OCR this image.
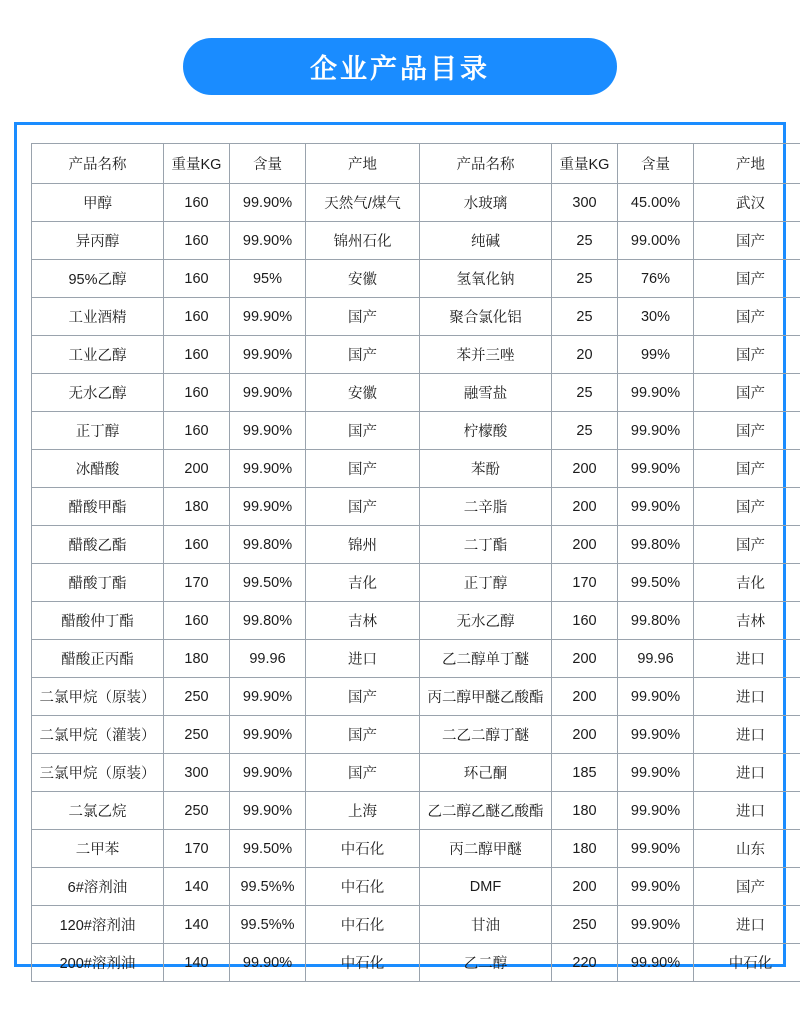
企业产品目录
产品名称	重量KG	含量	产地	产品名称	重量KG	含量	产地
甲醇	160	99.90%	天然气/煤气	水玻璃	300	45.00%	武汉
异丙醇	160	99.90%	锦州石化	纯碱	25	99.00%	国产
95%乙醇	160	95%	安徽	氢氧化钠	25	76%	国产
工业酒精	160	99.90%	国产	聚合氯化铝	25	30%	国产
工业乙醇	160	99.90%	国产	苯并三唑	20	99%	国产
无水乙醇	160	99.90%	安徽	融雪盐	25	99.90%	国产
正丁醇	160	99.90%	国产	柠檬酸	25	99.90%	国产
冰醋酸	200	99.90%	国产	苯酚	200	99.90%	国产
醋酸甲酯	180	99.90%	国产	二辛脂	200	99.90%	国产
醋酸乙酯	160	99.80%	锦州	二丁酯	200	99.80%	国产
醋酸丁酯	170	99.50%	吉化	正丁醇	170	99.50%	吉化
醋酸仲丁酯	160	99.80%	吉林	无水乙醇	160	99.80%	吉林
醋酸正丙酯	180	99.96	进口	乙二醇单丁醚	200	99.96	进口
二氯甲烷（原装）	250	99.90%	国产	丙二醇甲醚乙酸酯	200	99.90%	进口
二氯甲烷（灌装）	250	99.90%	国产	二乙二醇丁醚	200	99.90%	进口
三氯甲烷（原装）	300	99.90%	国产	环己酮	185	99.90%	进口
二氯乙烷	250	99.90%	上海	乙二醇乙醚乙酸酯	180	99.90%	进口
二甲苯	170	99.50%	中石化	丙二醇甲醚	180	99.90%	山东
6#溶剂油	140	99.5%%	中石化	DMF	200	99.90%	国产
120#溶剂油	140	99.5%%	中石化	甘油	250	99.90%	进口
200#溶剂油	140	99.90%	中石化	乙二醇	220	99.90%	中石化
